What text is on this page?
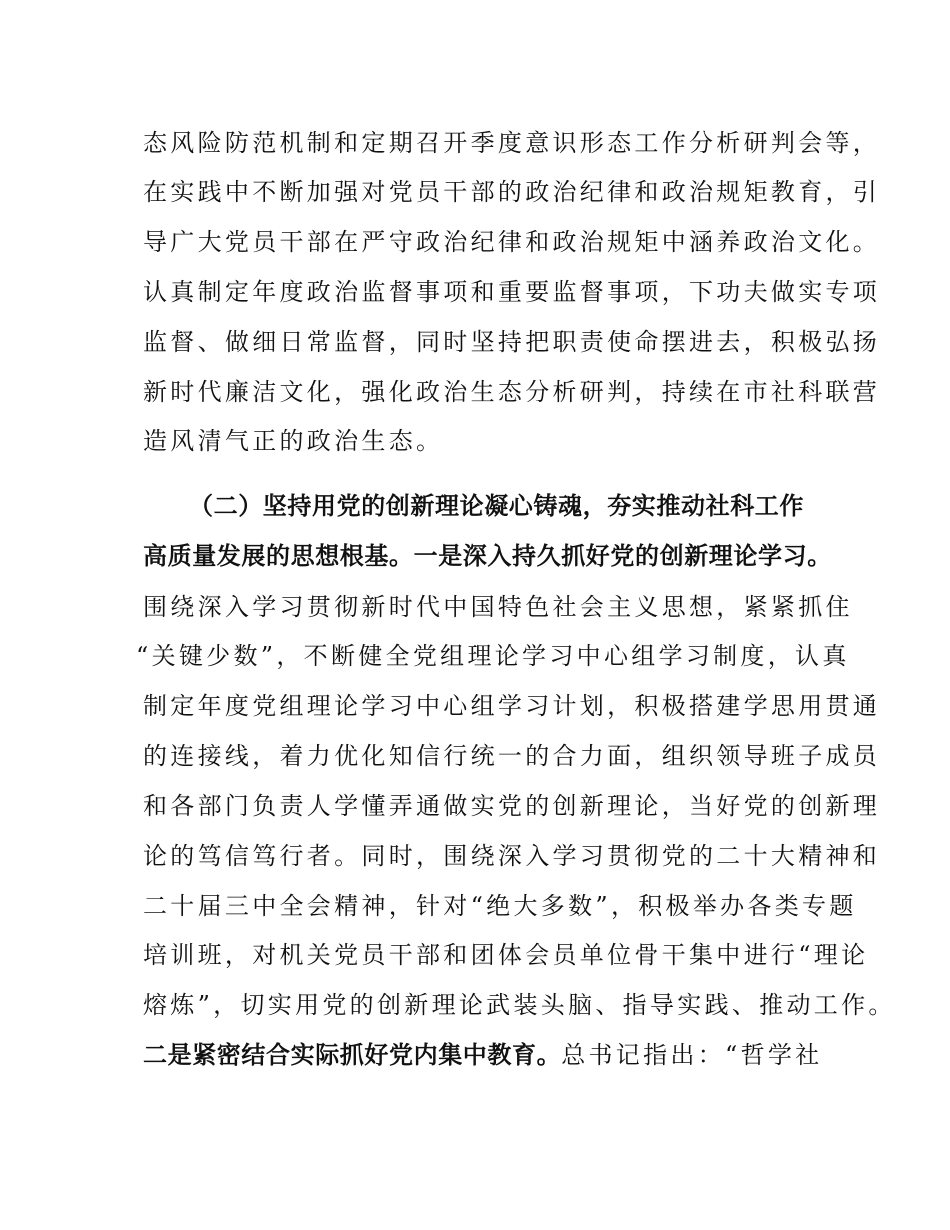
态风险防范机制和定期召开季度意识形态工作分析研判会等，
在实践中不断加强对党员干部的政治纪律和政治规矩教育，引
导广大党员干部在严守政治纪律和政治规矩中涵养政治文化。
认真制定年度政治监督事项和重要监督事项，下功夫做实专项
监督、做细日常监督，同时坚持把职责使命摆进去，积极弘扬
新时代廉洁文化，强化政治生态分析研判，持续在市社科联营
造风清气正的政治生态。
（二）坚持用党的创新理论凝心铸魂，夯实推动社科工作
高质量发展的思想根基。一是深入持久抓好党的创新理论学习。
围绕深入学习贯彻新时代中国特色社会主义思想，紧紧抓住
“关键少数”，不断健全党组理论学习中心组学习制度，认真
制定年度党组理论学习中心组学习计划，积极搭建学思用贯通
的连接线，着力优化知信行统一的合力面，组织领导班子成员
和各部门负责人学懂弄通做实党的创新理论，当好党的创新理
论的笃信笃行者。同时，围绕深入学习贯彻党的二十大精神和
二十届三中全会精神，针对“绝大多数”，积极举办各类专题
培训班，对机关党员干部和团体会员单位骨干集中进行“理论
熔炼”，切实用党的创新理论武装头脑、指导实践、推动工作。
二是紧密结合实际抓好党内集中教育。总书记指出：“哲学社
